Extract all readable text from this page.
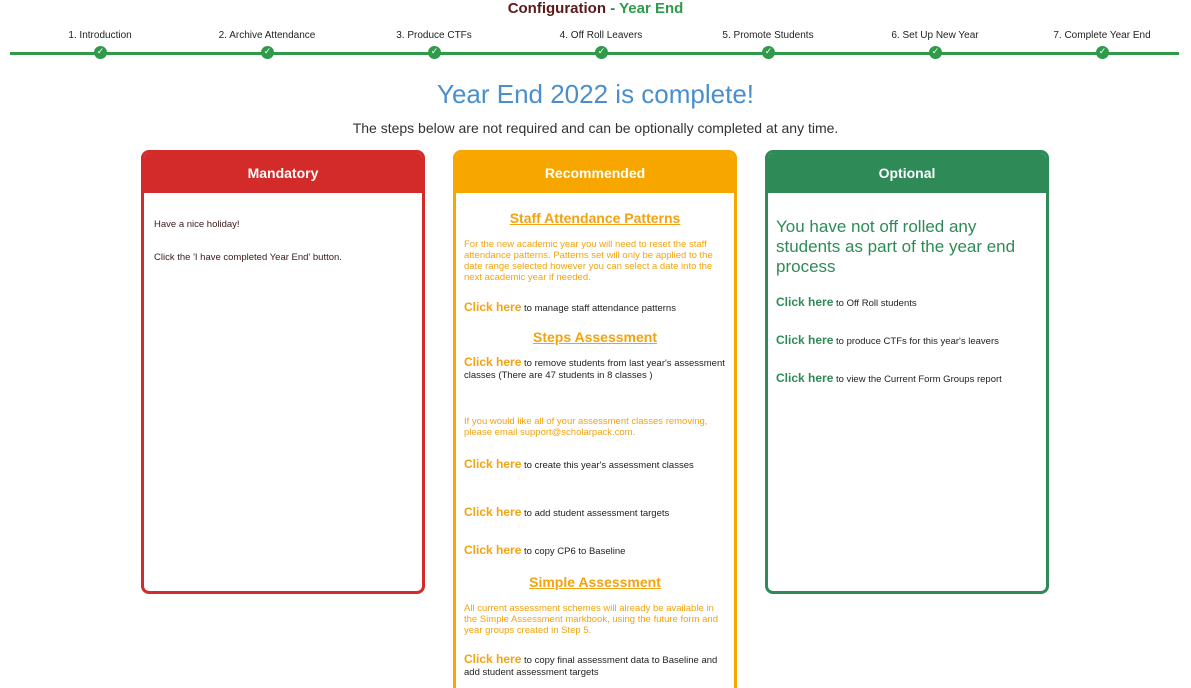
Configuration - Year End
1. Introduction
✓
2. Archive Attendance
✓
3. Produce CTFs
✓
4. Off Roll Leavers
✓
5. Promote Students
✓
6. Set Up New Year
✓
7. Complete Year End
✓
Year End 2022 is complete!
The steps below are not required and can be optionally completed at any time.
Mandatory
Have a nice holiday!
Click the 'I have completed Year End' button.
Recommended
Staff Attendance Patterns
For the new academic year you will need to reset the staff attendance patterns. Patterns set will only be applied to the date range selected however you can select a date into the next academic year if needed.
Click here to manage staff attendance patterns
Steps Assessment
Click here to remove students from last year's assessment classes (There are 47 students in 8 classes )
If you would like all of your assessment classes removing, please email support@scholarpack.com.
Click here to create this year's assessment classes
Click here to add student assessment targets
Click here to copy CP6 to Baseline
Simple Assessment
All current assessment schemes will already be available in the Simple Assessment markbook, using the future form and year groups created in Step 5.
Click here to copy final assessment data to Baseline and add student assessment targets
Optional
You have not off rolled any students as part of the year end process
Click here to Off Roll students
Click here to produce CTFs for this year's leavers
Click here to view the Current Form Groups report
